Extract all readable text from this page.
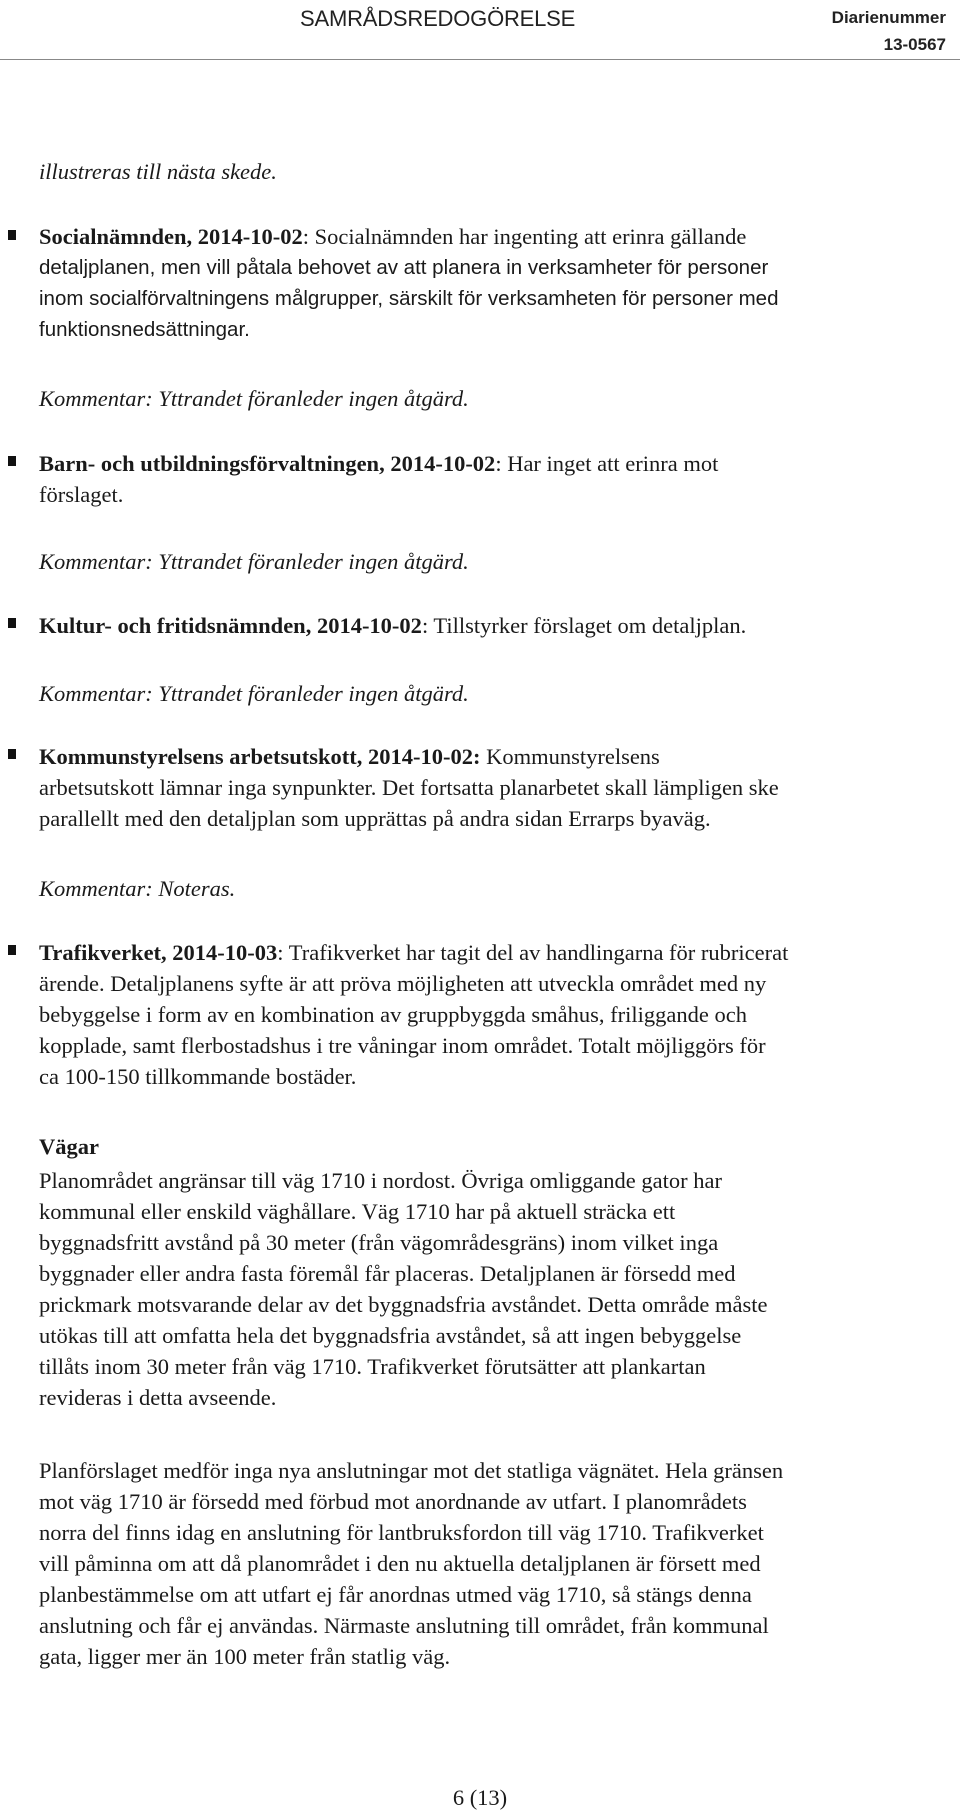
SAMRÅDSREDOGÖRELSE	Diarienummer
13-0567
illustreras till nästa skede.
Socialnämnden, 2014-10-02: Socialnämnden har ingenting att erinra gällande
detaljplanen, men vill påtala behovet av att planera in verksamheter för personer
inom socialförvaltningens målgrupper, särskilt för verksamheten för personer med
funktionsnedsättningar.
Kommentar: Yttrandet föranleder ingen åtgärd.
Barn- och utbildningsförvaltningen, 2014-10-02: Har inget att erinra mot
förslaget.
Kommentar: Yttrandet föranleder ingen åtgärd.
Kultur- och fritidsnämnden, 2014-10-02: Tillstyrker förslaget om detaljplan.
Kommentar: Yttrandet föranleder ingen åtgärd.
Kommunstyrelsens arbetsutskott, 2014-10-02: Kommunstyrelsens
arbetsutskott lämnar inga synpunkter. Det fortsatta planarbetet skall lämpligen ske
parallellt med den detaljplan som upprättas på andra sidan Errarps byaväg.
Kommentar: Noteras.
Trafikverket, 2014-10-03: Trafikverket har tagit del av handlingarna för rubricerat
ärende. Detaljplanens syfte är att pröva möjligheten att utveckla området med ny
bebyggelse i form av en kombination av gruppbyggda småhus, friliggande och
kopplade, samt flerbostadshus i tre våningar inom området. Totalt möjliggörs för
ca 100-150 tillkommande bostäder.
Vägar
Planområdet angränsar till väg 1710 i nordost. Övriga omliggande gator har
kommunal eller enskild väghållare. Väg 1710 har på aktuell sträcka ett
byggnadsfritt avstånd på 30 meter (från vägområdesgräns) inom vilket inga
byggnader eller andra fasta föremål får placeras. Detaljplanen är försedd med
prickmark motsvarande delar av det byggnadsfria avståndet. Detta område måste
utökas till att omfatta hela det byggnadsfria avståndet, så att ingen bebyggelse
tillåts inom 30 meter från väg 1710. Trafikverket förutsätter att plankartan
revideras i detta avseende.
Planförslaget medför inga nya anslutningar mot det statliga vägnätet. Hela gränsen
mot väg 1710 är försedd med förbud mot anordnande av utfart. I planområdets
norra del finns idag en anslutning för lantbruksfordon till väg 1710. Trafikverket
vill påminna om att då planområdet i den nu aktuella detaljplanen är försett med
planbestämmelse om att utfart ej får anordnas utmed väg 1710, så stängs denna
anslutning och får ej användas. Närmaste anslutning till området, från kommunal
gata, ligger mer än 100 meter från statlig väg.
6 (13)
